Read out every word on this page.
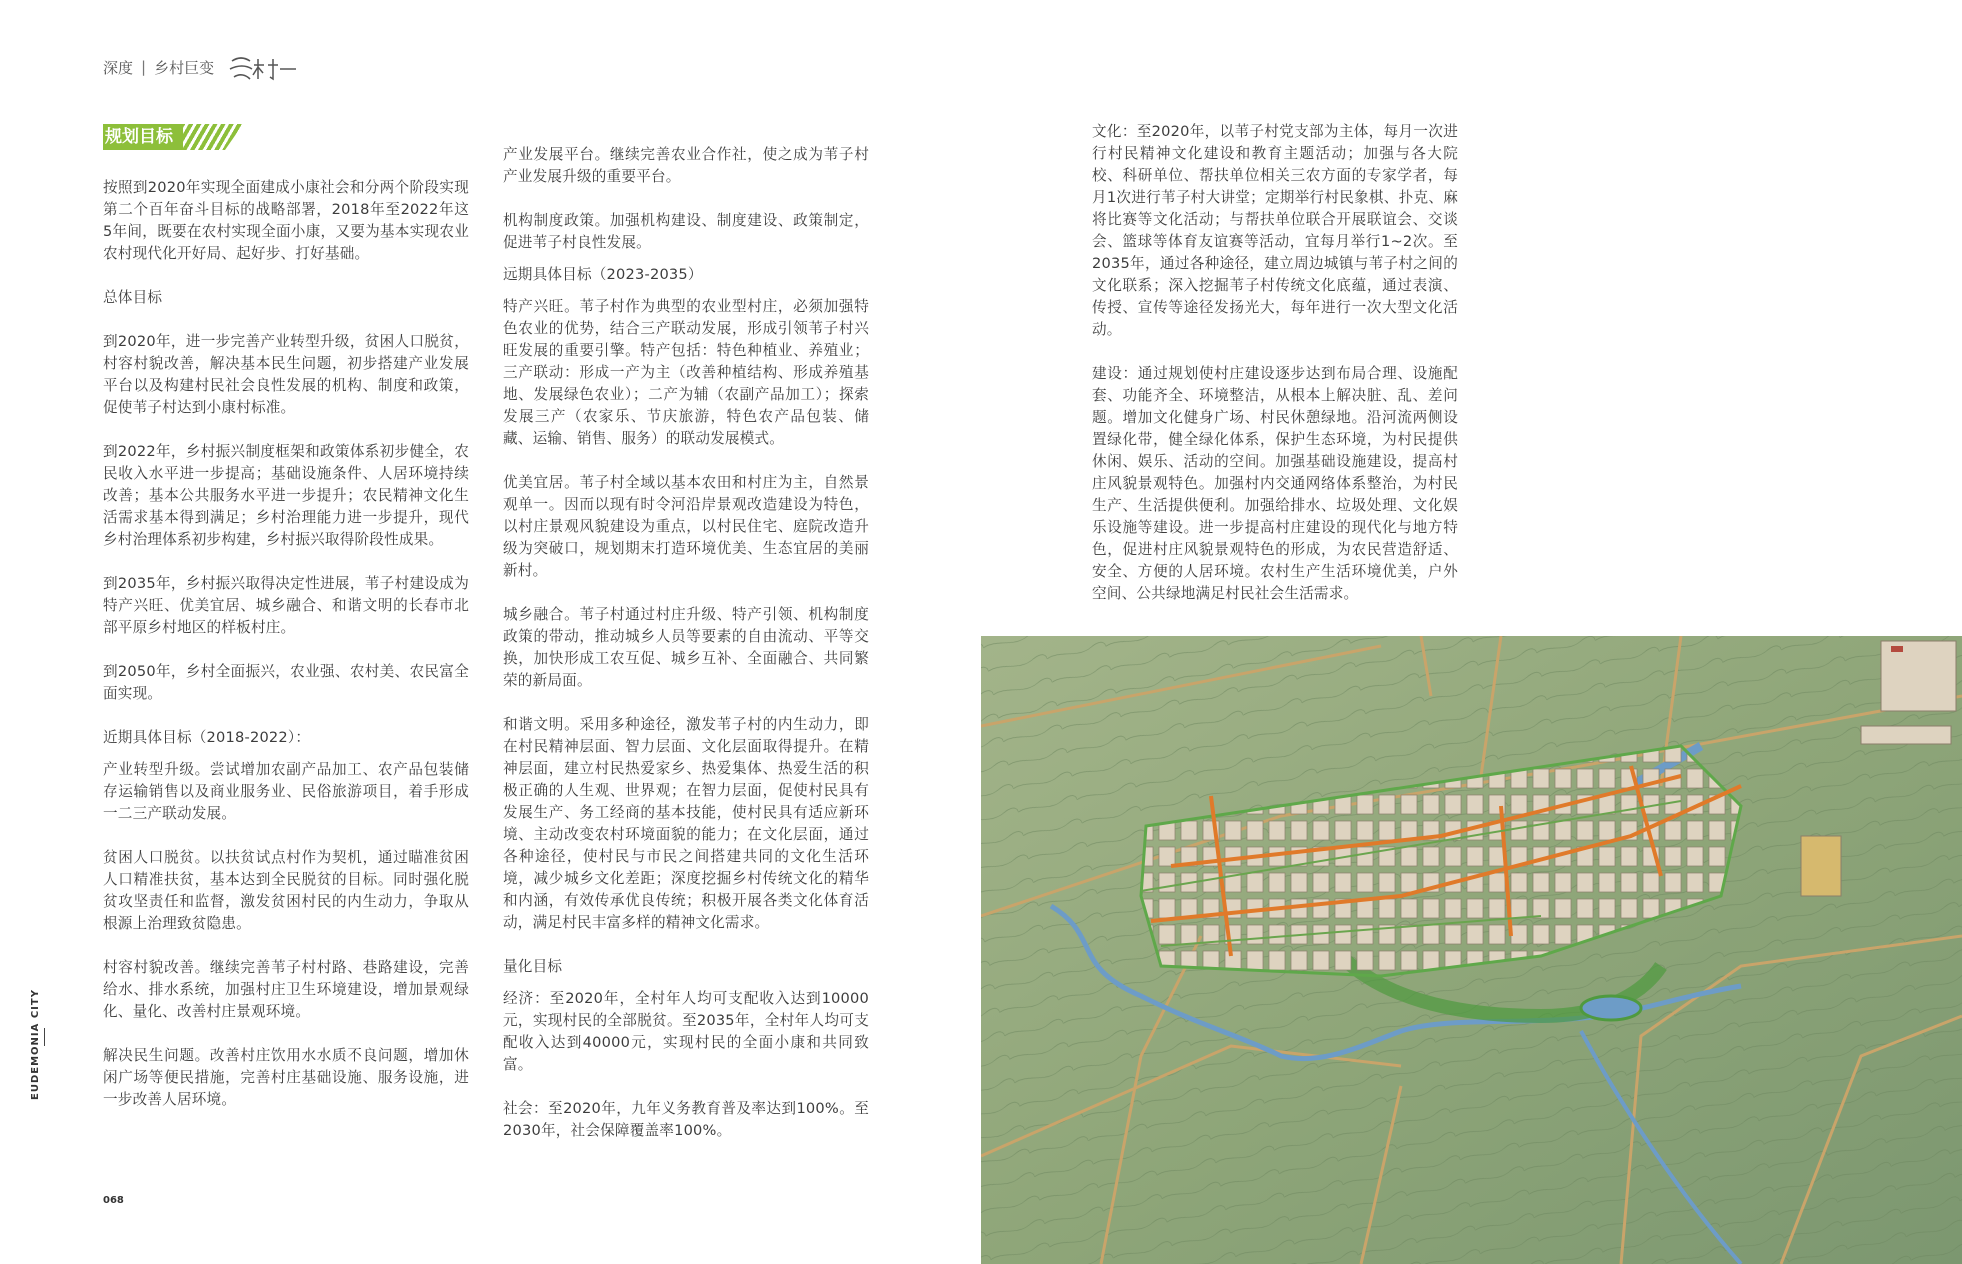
深度 | 乡村巨变
规划目标

按照到2020年实现全面建成小康社会和分两个阶段实现第二个百年奋斗目标的战略部署，2018年至2022年这5年间，既要在农村实现全面小康，又要为基本实现农业农村现代化开好局、起好步、打好基础。

总体目标

到2020年，进一步完善产业转型升级，贫困人口脱贫，村容村貌改善，解决基本民生问题，初步搭建产业发展平台以及构建村民社会良性发展的机构、制度和政策，促使苇子村达到小康村标准。

到2022年，乡村振兴制度框架和政策体系初步健全，农民收入水平进一步提高；基础设施条件、人居环境持续改善；基本公共服务水平进一步提升；农民精神文化生活需求基本得到满足；乡村治理能力进一步提升，现代乡村治理体系初步构建，乡村振兴取得阶段性成果。

到2035年，乡村振兴取得决定性进展，苇子村建设成为特产兴旺、优美宜居、城乡融合、和谐文明的长春市北部平原乡村地区的样板村庄。

到2050年，乡村全面振兴，农业强、农村美、农民富全面实现。

近期具体目标（2018-2022）：

产业转型升级。尝试增加农副产品加工、农产品包装储存运输销售以及商业服务业、民俗旅游项目，着手形成一二三产联动发展。

贫困人口脱贫。以扶贫试点村作为契机，通过瞄准贫困人口精准扶贫，基本达到全民脱贫的目标。同时强化脱贫攻坚责任和监督，激发贫困村民的内生动力，争取从根源上治理致贫隐患。

村容村貌改善。继续完善苇子村村路、巷路建设，完善给水、排水系统，加强村庄卫生环境建设，增加景观绿化、量化、改善村庄景观环境。

解决民生问题。改善村庄饮用水水质不良问题，增加休闲广场等便民措施，完善村庄基础设施、服务设施，进一步改善人居环境。

产业发展平台。继续完善农业合作社，使之成为苇子村产业发展升级的重要平台。

机构制度政策。加强机构建设、制度建设、政策制定，促进苇子村良性发展。

远期具体目标（2023-2035）

特产兴旺。苇子村作为典型的农业型村庄，必须加强特色农业的优势，结合三产联动发展，形成引领苇子村兴旺发展的重要引擎。特产包括：特色种植业、养殖业；三产联动：形成一产为主（改善种植结构、形成养殖基地、发展绿色农业）；二产为辅（农副产品加工）；探索发展三产（农家乐、节庆旅游，特色农产品包装、储藏、运输、销售、服务）的联动发展模式。

优美宜居。苇子村全域以基本农田和村庄为主，自然景观单一。因而以现有时令河沿岸景观改造建设为特色，以村庄景观风貌建设为重点，以村民住宅、庭院改造升级为突破口，规划期末打造环境优美、生态宜居的美丽新村。

城乡融合。苇子村通过村庄升级、特产引领、机构制度政策的带动，推动城乡人员等要素的自由流动、平等交换，加快形成工农互促、城乡互补、全面融合、共同繁荣的新局面。

和谐文明。采用多种途径，激发苇子村的内生动力，即在村民精神层面、智力层面、文化层面取得提升。在精神层面，建立村民热爱家乡、热爱集体、热爱生活的积极正确的人生观、世界观；在智力层面，促使村民具有发展生产、务工经商的基本技能，使村民具有适应新环境、主动改变农村环境面貌的能力；在文化层面，通过各种途径，使村民与市民之间搭建共同的文化生活环境，减少城乡文化差距；深度挖掘乡村传统文化的精华和内涵，有效传承优良传统；积极开展各类文化体育活动，满足村民丰富多样的精神文化需求。

量化目标

经济：至2020年，全村年人均可支配收入达到10000元，实现村民的全部脱贫。至2035年，全村年人均可支配收入达到40000元，实现村民的全面小康和共同致富。

社会：至2020年，九年义务教育普及率达到100%。至2030年，社会保障覆盖率100%。

文化：至2020年，以苇子村党支部为主体，每月一次进行村民精神文化建设和教育主题活动；加强与各大院校、科研单位、帮扶单位相关三农方面的专家学者，每月1次进行苇子村大讲堂；定期举行村民象棋、扑克、麻将比赛等文化活动；与帮扶单位联合开展联谊会、交谈会、篮球等体育友谊赛等活动，宜每月举行1~2次。至2035年，通过各种途径，建立周边城镇与苇子村之间的文化联系；深入挖掘苇子村传统文化底蕴，通过表演、传授、宣传等途径发扬光大，每年进行一次大型文化活动。

建设：通过规划使村庄建设逐步达到布局合理、设施配套、功能齐全、环境整洁，从根本上解决脏、乱、差问题。增加文化健身广场、村民休憩绿地。沿河流两侧设置绿化带，健全绿化体系，保护生态环境，为村民提供休闲、娱乐、活动的空间。加强基础设施建设，提高村庄风貌景观特色。加强村内交通网络体系整治，为村民生产、生活提供便利。加强给排水、垃圾处理、文化娱乐设施等建设。进一步提高村庄建设的现代化与地方特色，促进村庄风貌景观特色的形成，为农民营造舒适、安全、方便的人居环境。农村生产生活环境优美，户外空间、公共绿地满足村民社会生活需求。

EUDEMONIA CITY
068
